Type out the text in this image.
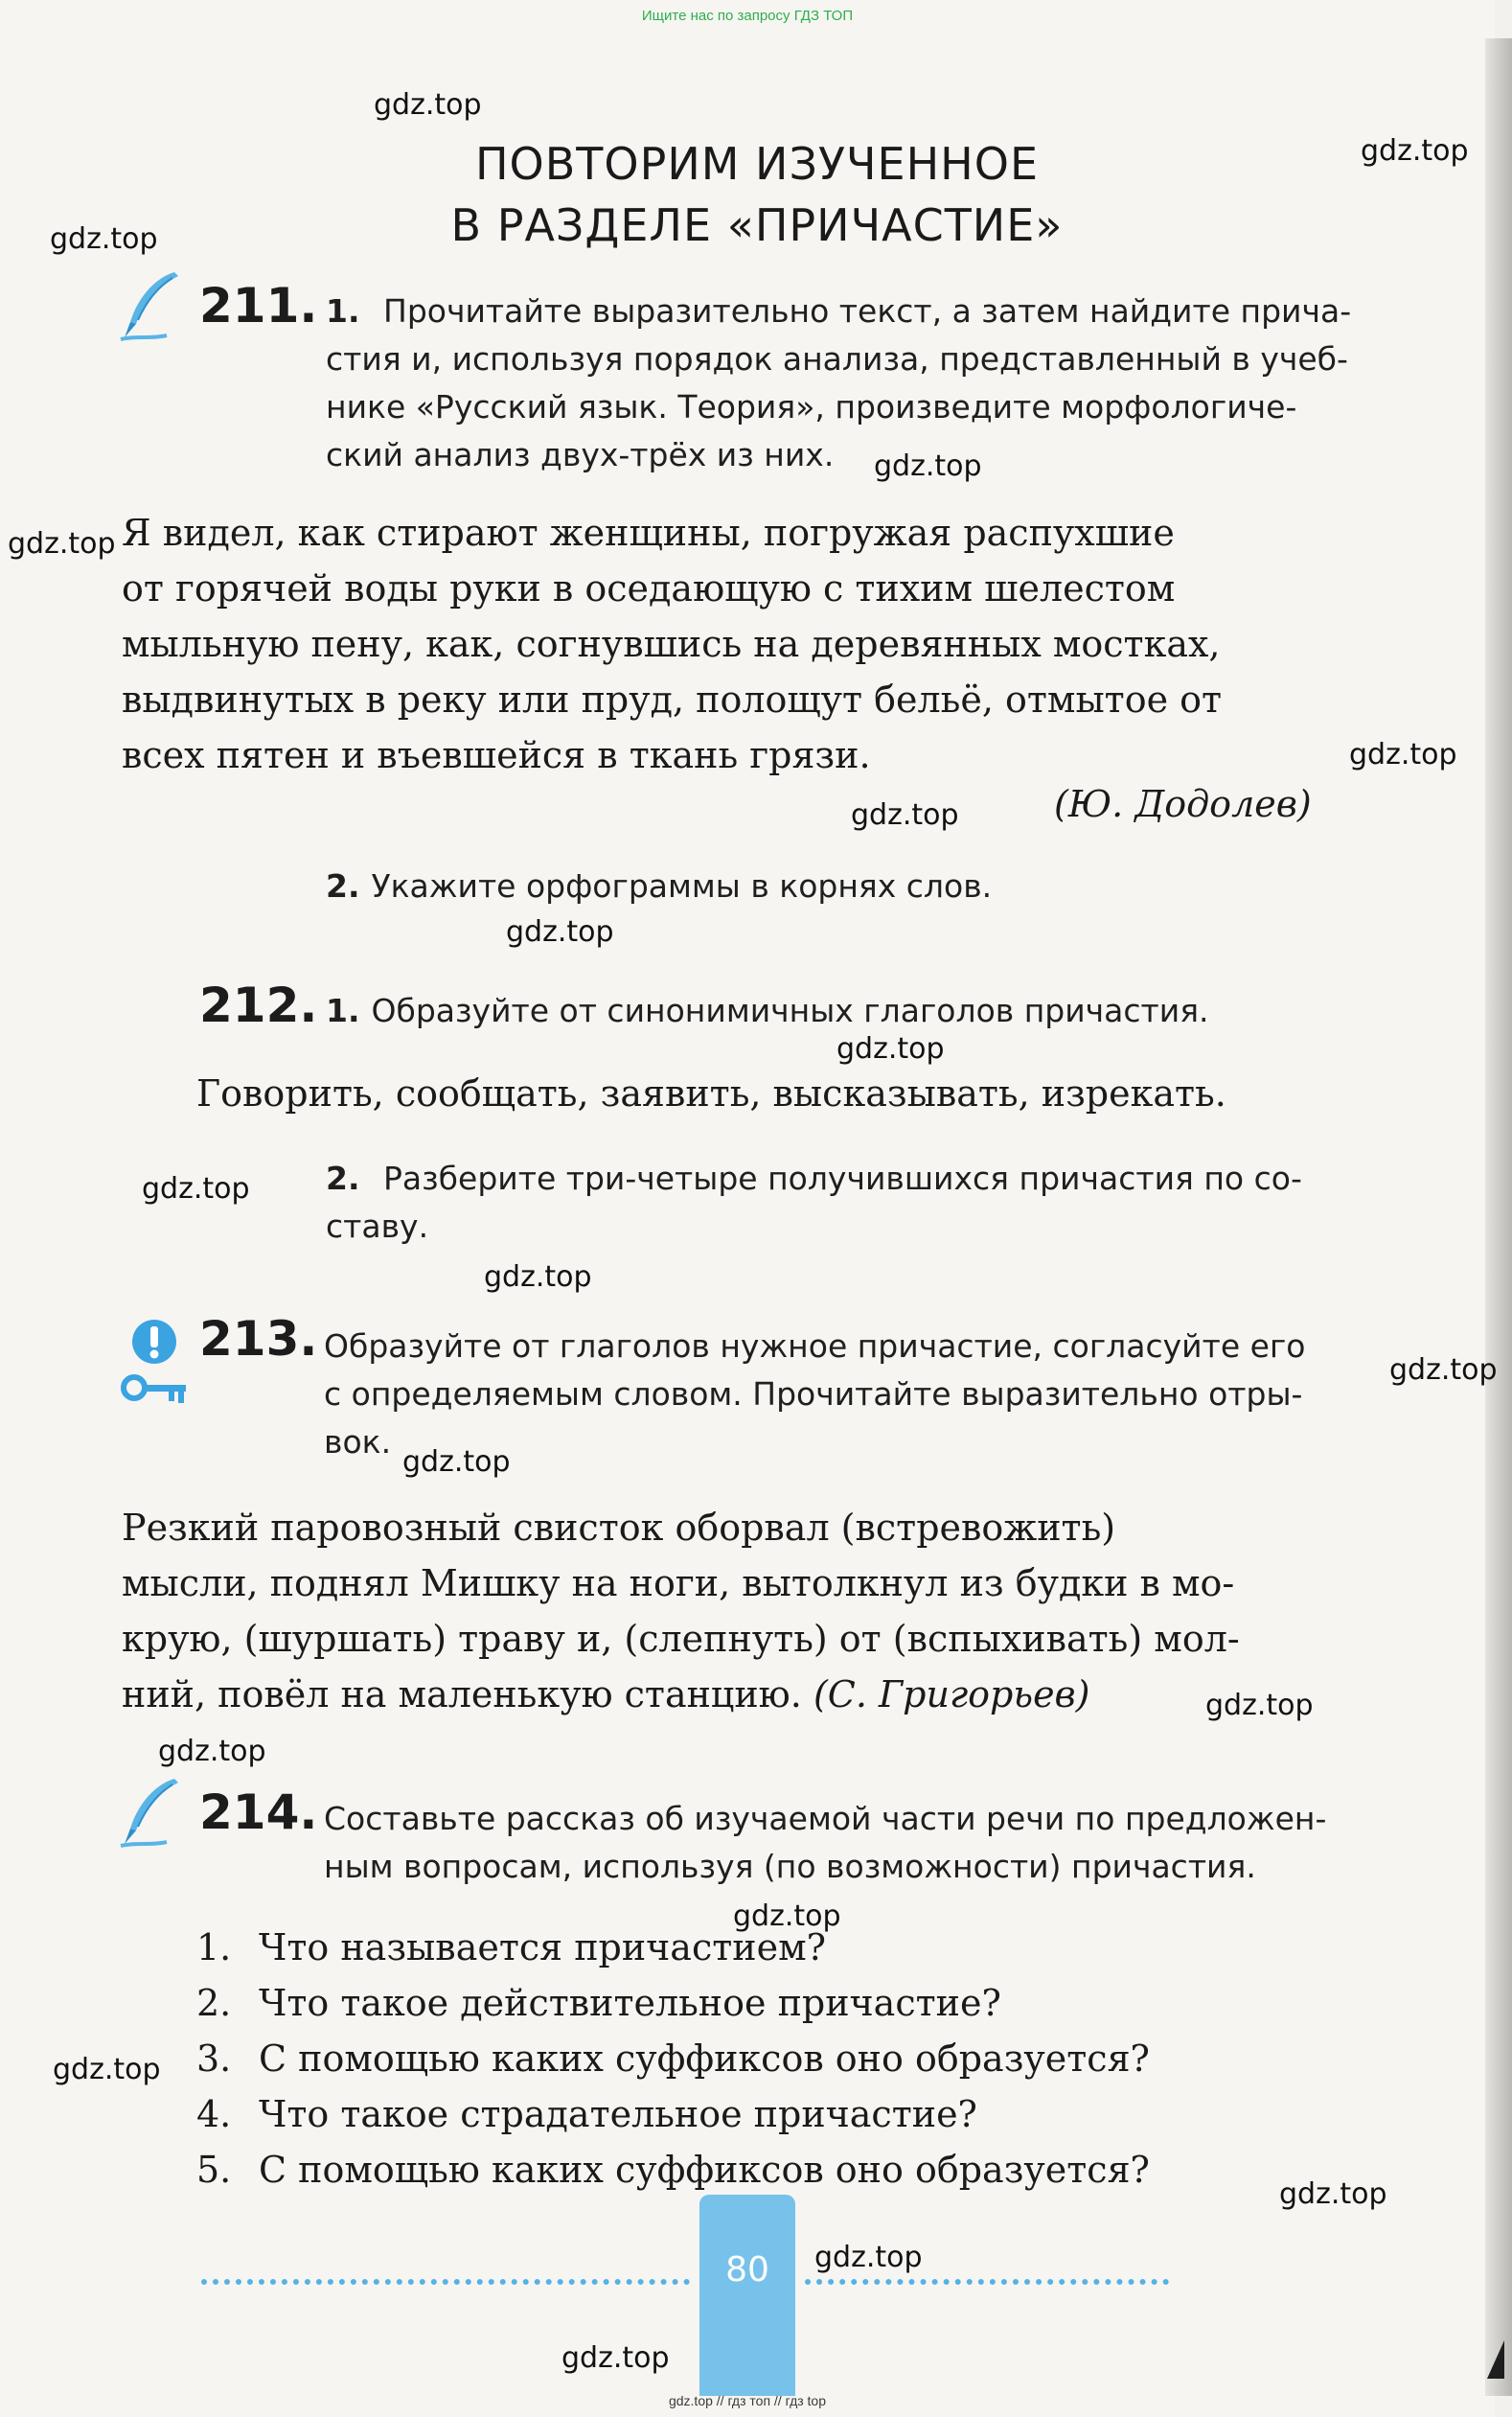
Ищите нас по запросу ГДЗ ТОП
ПОВТОРИМ ИЗУЧЕННОЕ
В РАЗДЕЛЕ «ПРИЧАСТИЕ»
211. 1. Прочитайте выразительно текст, а затем найдите прича-
стия и, используя порядок анализа, представленный в учеб-
нике «Русский язык. Теория», произведите морфологиче-
ский анализ двух-трёх из них.
Я видел, как стирают женщины, погружая распухшие
от горячей воды руки в оседающую с тихим шелестом
мыльную пену, как, согнувшись на деревянных мостках,
выдвинутых в реку или пруд, полощут бельё, отмытое от
всех пятен и въевшейся в ткань грязи.
(Ю. Додолев)
2. Укажите орфограммы в корнях слов.
212. 1. Образуйте от синонимичных глаголов причастия.
Говорить, сообщать, заявить, высказывать, изрекать.
2. Разберите три-четыре получившихся причастия по со-
ставу.
213. Образуйте от глаголов нужное причастие, согласуйте его
с определяемым словом. Прочитайте выразительно отры-
вок.
Резкий паровозный свисток оборвал (встревожить)
мысли, поднял Мишку на ноги, вытолкнул из будки в мо-
крую, (шуршать) траву и, (слепнуть) от (вспыхивать) мол-
ний, повёл на маленькую станцию. (С. Григорьев)
214. Составьте рассказ об изучаемой части речи по предложен-
ным вопросам, используя (по возможности) причастия.
1. Что называется причастием?
2. Что такое действительное причастие?
3. С помощью каких суффиксов оно образуется?
4. Что такое страдательное причастие?
5. С помощью каких суффиксов оно образуется?
80
gdz.top
gdz.top
gdz.top
gdz.top
gdz.top
gdz.top
gdz.top
gdz.top
gdz.top
gdz.top
gdz.top
gdz.top
gdz.top
gdz.top
gdz.top
gdz.top
gdz.top
gdz.top
gdz.top
gdz.top
gdz.top // гдз топ // гдз top
